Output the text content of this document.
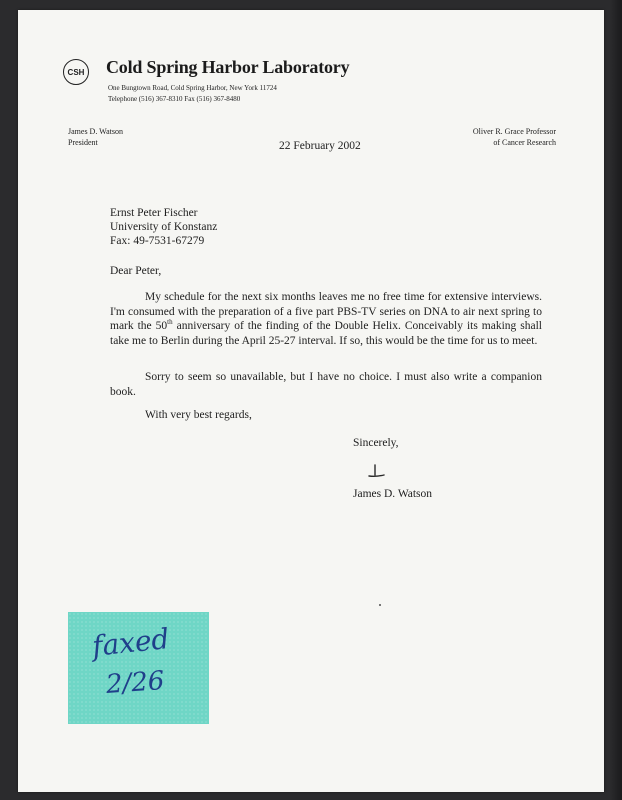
CSH Cold Spring Harbor Laboratory
One Bungtown Road, Cold Spring Harbor, New York 11724
Telephone (516) 367-8310 Fax (516) 367-8480
James D. Watson
President
Oliver R. Grace Professor
of Cancer Research
22 February 2002
Ernst Peter Fischer
University of Konstanz
Fax: 49-7531-67279
Dear Peter,

My schedule for the next six months leaves me no free time for extensive interviews. I'm consumed with the preparation of a five part PBS-TV series on DNA to air next spring to mark the 50th anniversary of the finding of the Double Helix. Conceivably its making shall take me to Berlin during the April 25-27 interval. If so, this would be the time for us to meet.

Sorry to seem so unavailable, but I have no choice. I must also write a companion book.

With very best regards,

Sincerely,
James D. Watson
faxed
2/26
